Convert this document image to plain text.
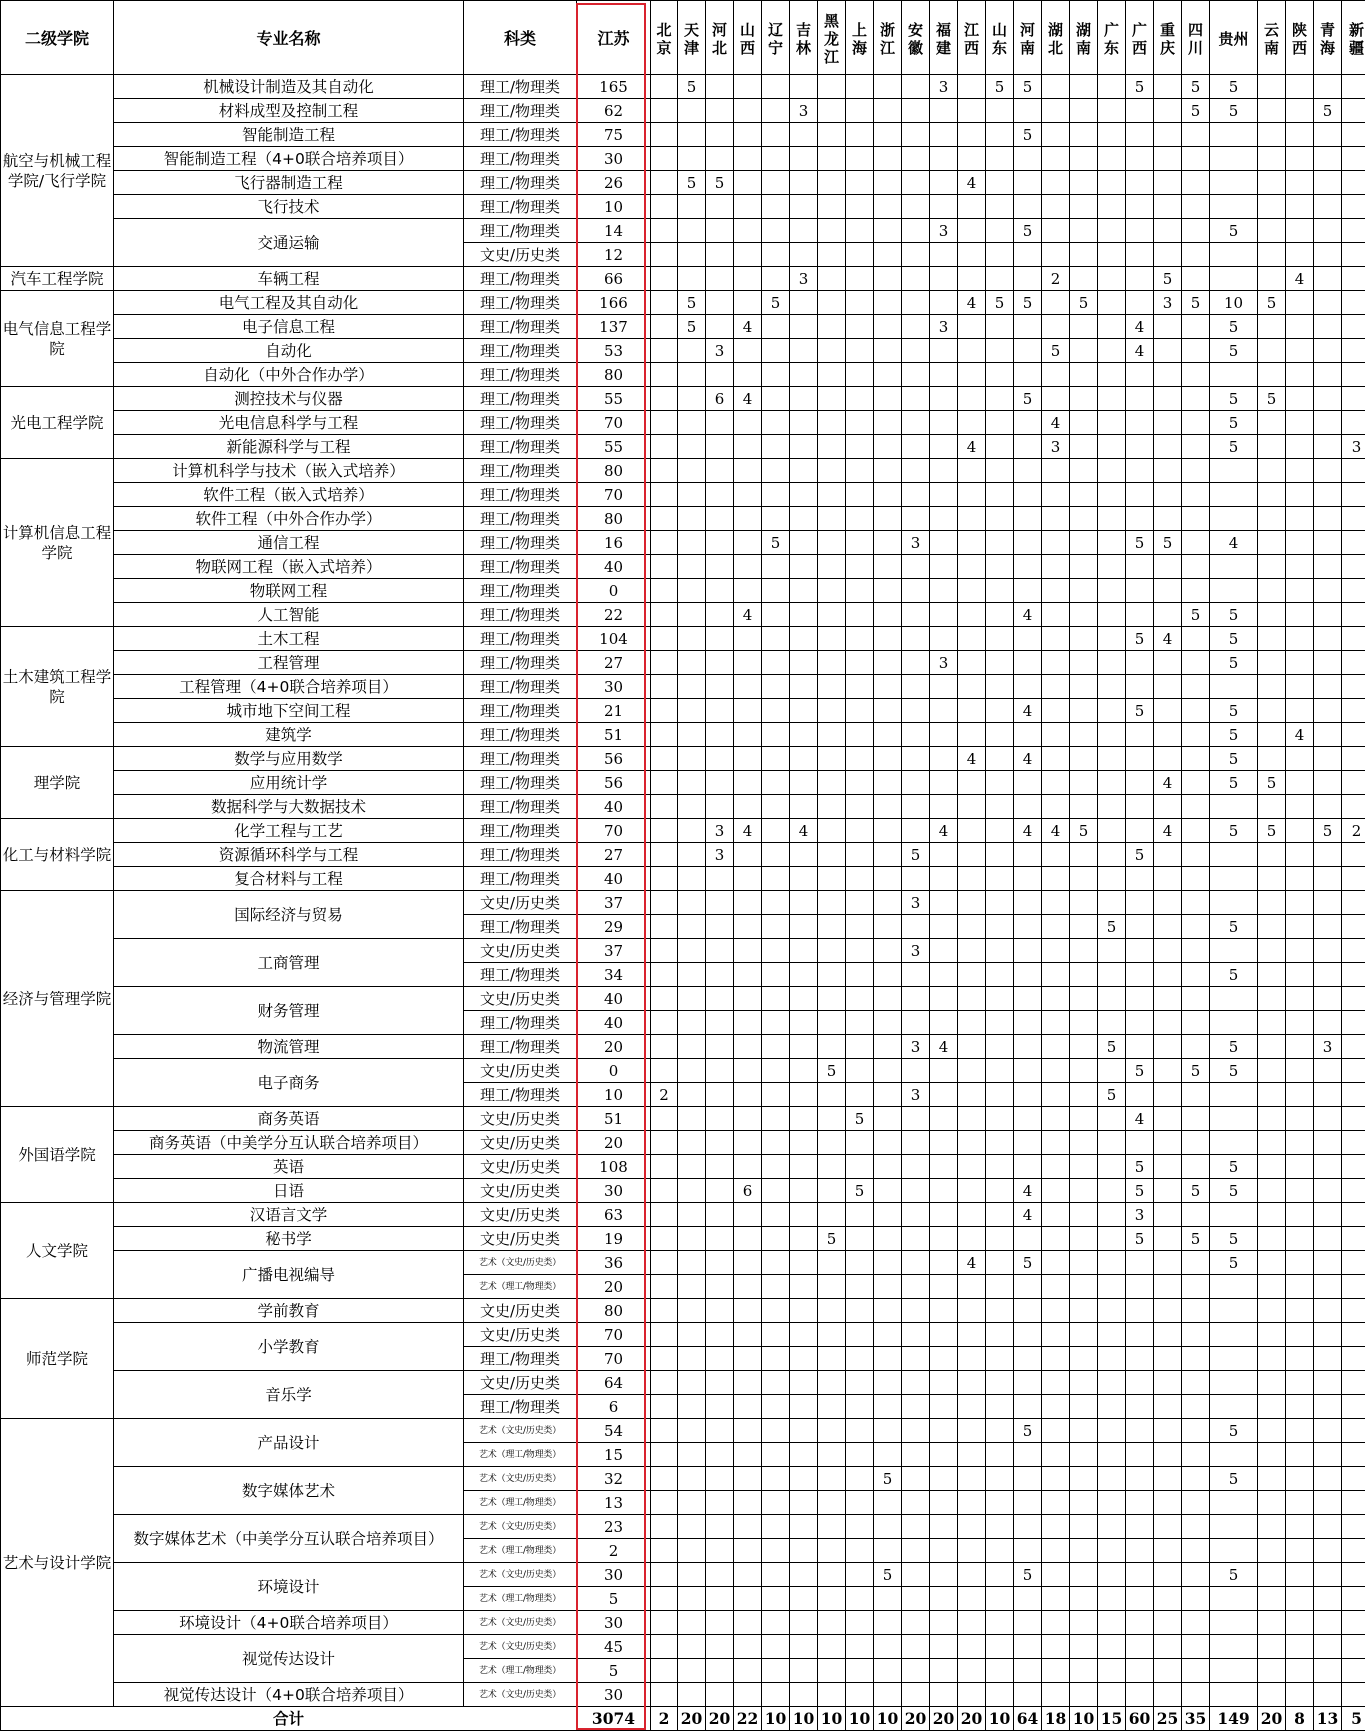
二级学院	专业名称	科类	江苏	北京	天津	河北	山西	辽宁	吉林	黑龙江	上海	浙江	安徽	福建	江西	山东	河南	湖北	湖南	广东	广西	重庆	四川	贵州	云南	陕西	青海	新疆
航空与机械工程学院/飞行学院	机械设计制造及其自动化	理工/物理类	165		5									3		5	5				5		5	5				
	材料成型及控制工程	理工/物理类	62						3														5	5			5	
	智能制造工程	理工/物理类	75														5											
	智能制造工程（4+0联合培养项目）	理工/物理类	30																									
	飞行器制造工程	理工/物理类	26		5	5									4													
	飞行技术	理工/物理类	10																									
	交通运输	理工/物理类	14											3			5							5				
		文史/历史类	12																									
汽车工程学院	车辆工程	理工/物理类	66						3									2				5				4		
电气信息工程学院	电气工程及其自动化	理工/物理类	166		5			5							4	5	5		5			3	5	10	5			
	电子信息工程	理工/物理类	137		5		4							3							4			5				
	自动化	理工/物理类	53			3												5			4			5				
	自动化（中外合作办学）	理工/物理类	80																									
光电工程学院	测控技术与仪器	理工/物理类	55			6	4										5							5	5			
	光电信息科学与工程	理工/物理类	70															4						5				
	新能源科学与工程	理工/物理类	55												4			3						5				3
计算机信息工程学院	计算机科学与技术（嵌入式培养）	理工/物理类	80																									
	软件工程（嵌入式培养）	理工/物理类	70																									
	软件工程（中外合作办学）	理工/物理类	80																									
	通信工程	理工/物理类	16					5					3								5	5		4				
	物联网工程（嵌入式培养）	理工/物理类	40																									
	物联网工程	理工/物理类	0																									
	人工智能	理工/物理类	22				4										4						5	5				
土木建筑工程学院	土木工程	理工/物理类	104																		5	4		5				
	工程管理	理工/物理类	27											3										5				
	工程管理（4+0联合培养项目）	理工/物理类	30																									
	城市地下空间工程	理工/物理类	21														4				5			5				
	建筑学	理工/物理类	51																					5		4		
理学院	数学与应用数学	理工/物理类	56												4		4							5				
	应用统计学	理工/物理类	56																			4		5	5			
	数据科学与大数据技术	理工/物理类	40																									
化工与材料学院	化学工程与工艺	理工/物理类	70			3	4		4					4			4	4	5			4		5	5		5	2
	资源循环科学与工程	理工/物理类	27			3							5								5							
	复合材料与工程	理工/物理类	40																									
经济与管理学院	国际经济与贸易	文史/历史类	37										3															
		理工/物理类	29																	5				5				
	工商管理	文史/历史类	37										3															
		理工/物理类	34																					5				
	财务管理	文史/历史类	40																									
		理工/物理类	40																									
	物流管理	理工/物理类	20										3	4						5				5			3	
	电子商务	文史/历史类	0							5											5		5	5				
		理工/物理类	10	2									3							5								
外国语学院	商务英语	文史/历史类	51								5										4							
	商务英语（中美学分互认联合培养项目）	文史/历史类	20																									
	英语	文史/历史类	108																		5			5				
	日语	文史/历史类	30				6				5						4				5		5	5				
人文学院	汉语言文学	文史/历史类	63														4				3							
	秘书学	文史/历史类	19							5											5		5	5				
	广播电视编导	艺术（文史/历史类）	36												4		5							5				
		艺术（理工/物理类）	20																									
师范学院	学前教育	文史/历史类	80																									
	小学教育	文史/历史类	70																									
		理工/物理类	70																									
	音乐学	文史/历史类	64																									
		理工/物理类	6																									
艺术与设计学院	产品设计	艺术（文史/历史类）	54														5							5				
		艺术（理工/物理类）	15																									
	数字媒体艺术	艺术（文史/历史类）	32									5												5				
		艺术（理工/物理类）	13																									
	数字媒体艺术（中美学分互认联合培养项目）	艺术（文史/历史类）	23																									
		艺术（理工/物理类）	2																									
	环境设计	艺术（文史/历史类）	30									5					5							5				
		艺术（理工/物理类）	5																									
	环境设计（4+0联合培养项目）	艺术（文史/历史类）	30																									
	视觉传达设计	艺术（文史/历史类）	45																									
		艺术（理工/物理类）	5																									
	视觉传达设计（4+0联合培养项目）	艺术（文史/历史类）	30																									
合计			3074	2	20	20	22	10	10	10	10	10	20	20	20	10	64	18	10	15	60	25	35	149	20	8	13	5
